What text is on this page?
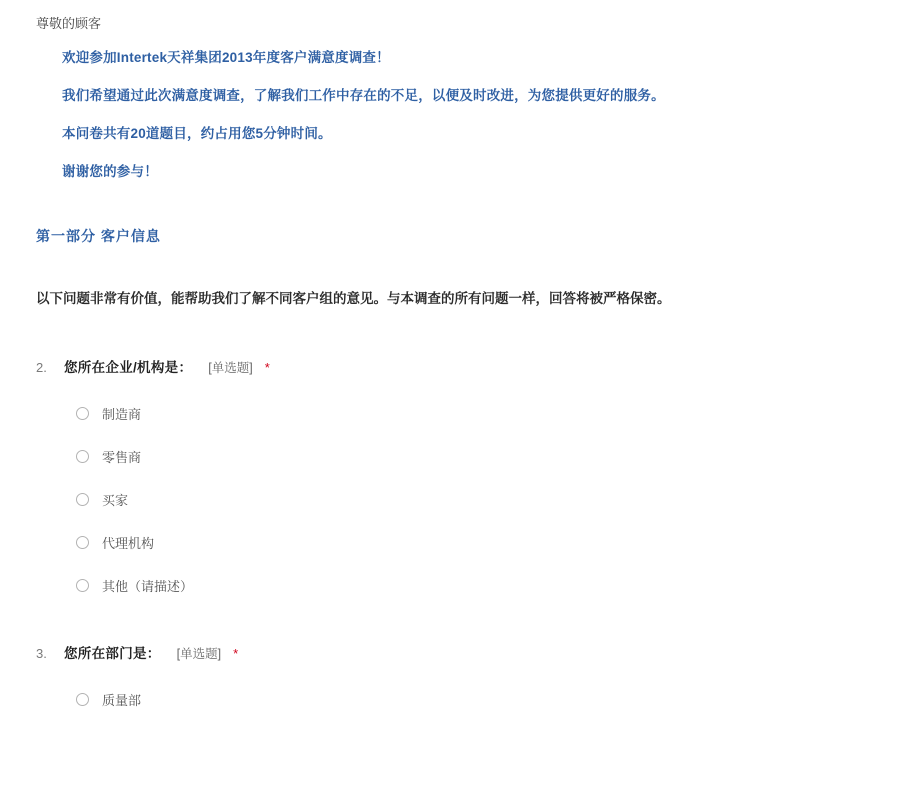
尊敬的顾客

欢迎参加Intertek天祥集团2013年度客户满意度调查！

我们希望通过此次满意度调查，了解我们工作中存在的不足，以便及时改进，为您提供更好的服务。

本问卷共有20道题目，约占用您5分钟时间。

谢谢您的参与！

第一部分 客户信息
以下问题非常有价值，能帮助我们了解不同客户组的意见。与本调查的所有问题一样，回答将被严格保密。
2.	您所在企业/机构是： [单选题] *
制造商
零售商
买家
代理机构
其他（请描述）
3.	您所在部门是： [单选题] *
质量部
